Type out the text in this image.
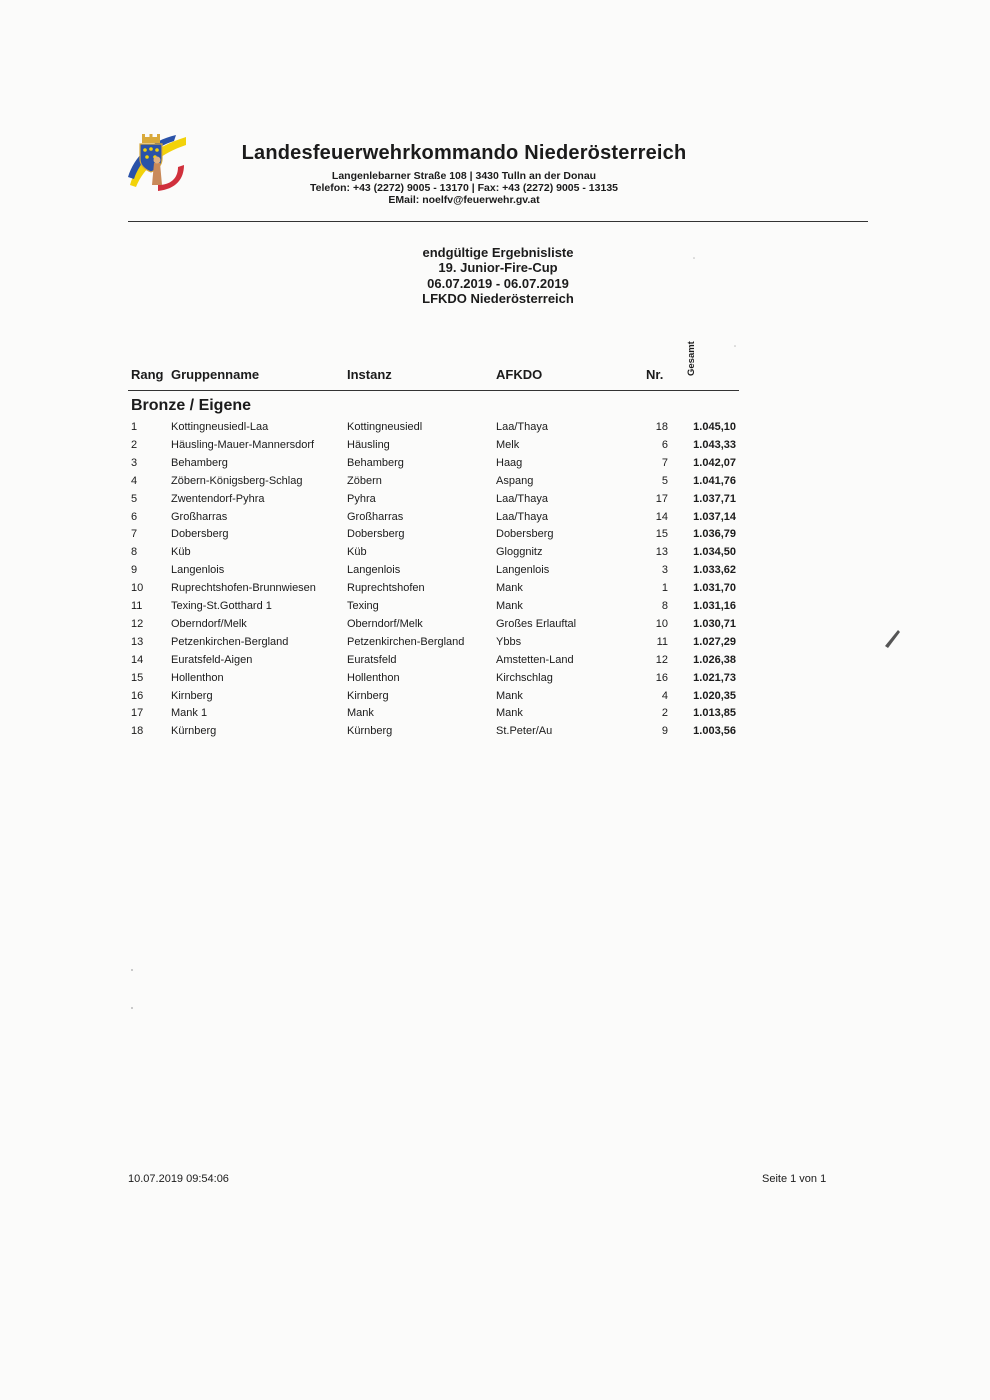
Landesfeuerwehrkommando Niederösterreich
Langenlebarner Straße 108 | 3430 Tulln an der Donau
Telefon: +43 (2272) 9005 - 13170 | Fax: +43 (2272) 9005 - 13135
EMail: noelfv@feuerwehr.gv.at
endgültige Ergebnisliste
19. Junior-Fire-Cup
06.07.2019 - 06.07.2019
LFKDO Niederösterreich
Rang Gruppenname	Instanz	AFKDO	Nr. Gesamt
Bronze / Eigene
1	Kottingneusiedl-Laa	Kottingneusiedl	Laa/Thaya	18	1.045,10
2	Häusling-Mauer-Mannersdorf	Häusling	Melk	6	1.043,33
3	Behamberg	Behamberg	Haag	7	1.042,07
4	Zöbern-Königsberg-Schlag	Zöbern	Aspang	5	1.041,76
5	Zwentendorf-Pyhra	Pyhra	Laa/Thaya	17	1.037,71
6	Großharras	Großharras	Laa/Thaya	14	1.037,14
7	Dobersberg	Dobersberg	Dobersberg	15	1.036,79
8	Küb	Küb	Gloggnitz	13	1.034,50
9	Langenlois	Langenlois	Langenlois	3	1.033,62
10	Ruprechtshofen-Brunnwiesen	Ruprechtshofen	Mank	1	1.031,70
11	Texing-St.Gotthard 1	Texing	Mank	8	1.031,16
12	Oberndorf/Melk	Oberndorf/Melk	Großes Erlauftal	10	1.030,71
13	Petzenkirchen-Bergland	Petzenkirchen-Bergland	Ybbs	11	1.027,29
14	Euratsfeld-Aigen	Euratsfeld	Amstetten-Land	12	1.026,38
15	Hollenthon	Hollenthon	Kirchschlag	16	1.021,73
16	Kirnberg	Kirnberg	Mank	4	1.020,35
17	Mank 1	Mank	Mank	2	1.013,85
18	Kürnberg	Kürnberg	St.Peter/Au	9	1.003,56
10.07.2019 09:54:06	Seite 1 von 1
